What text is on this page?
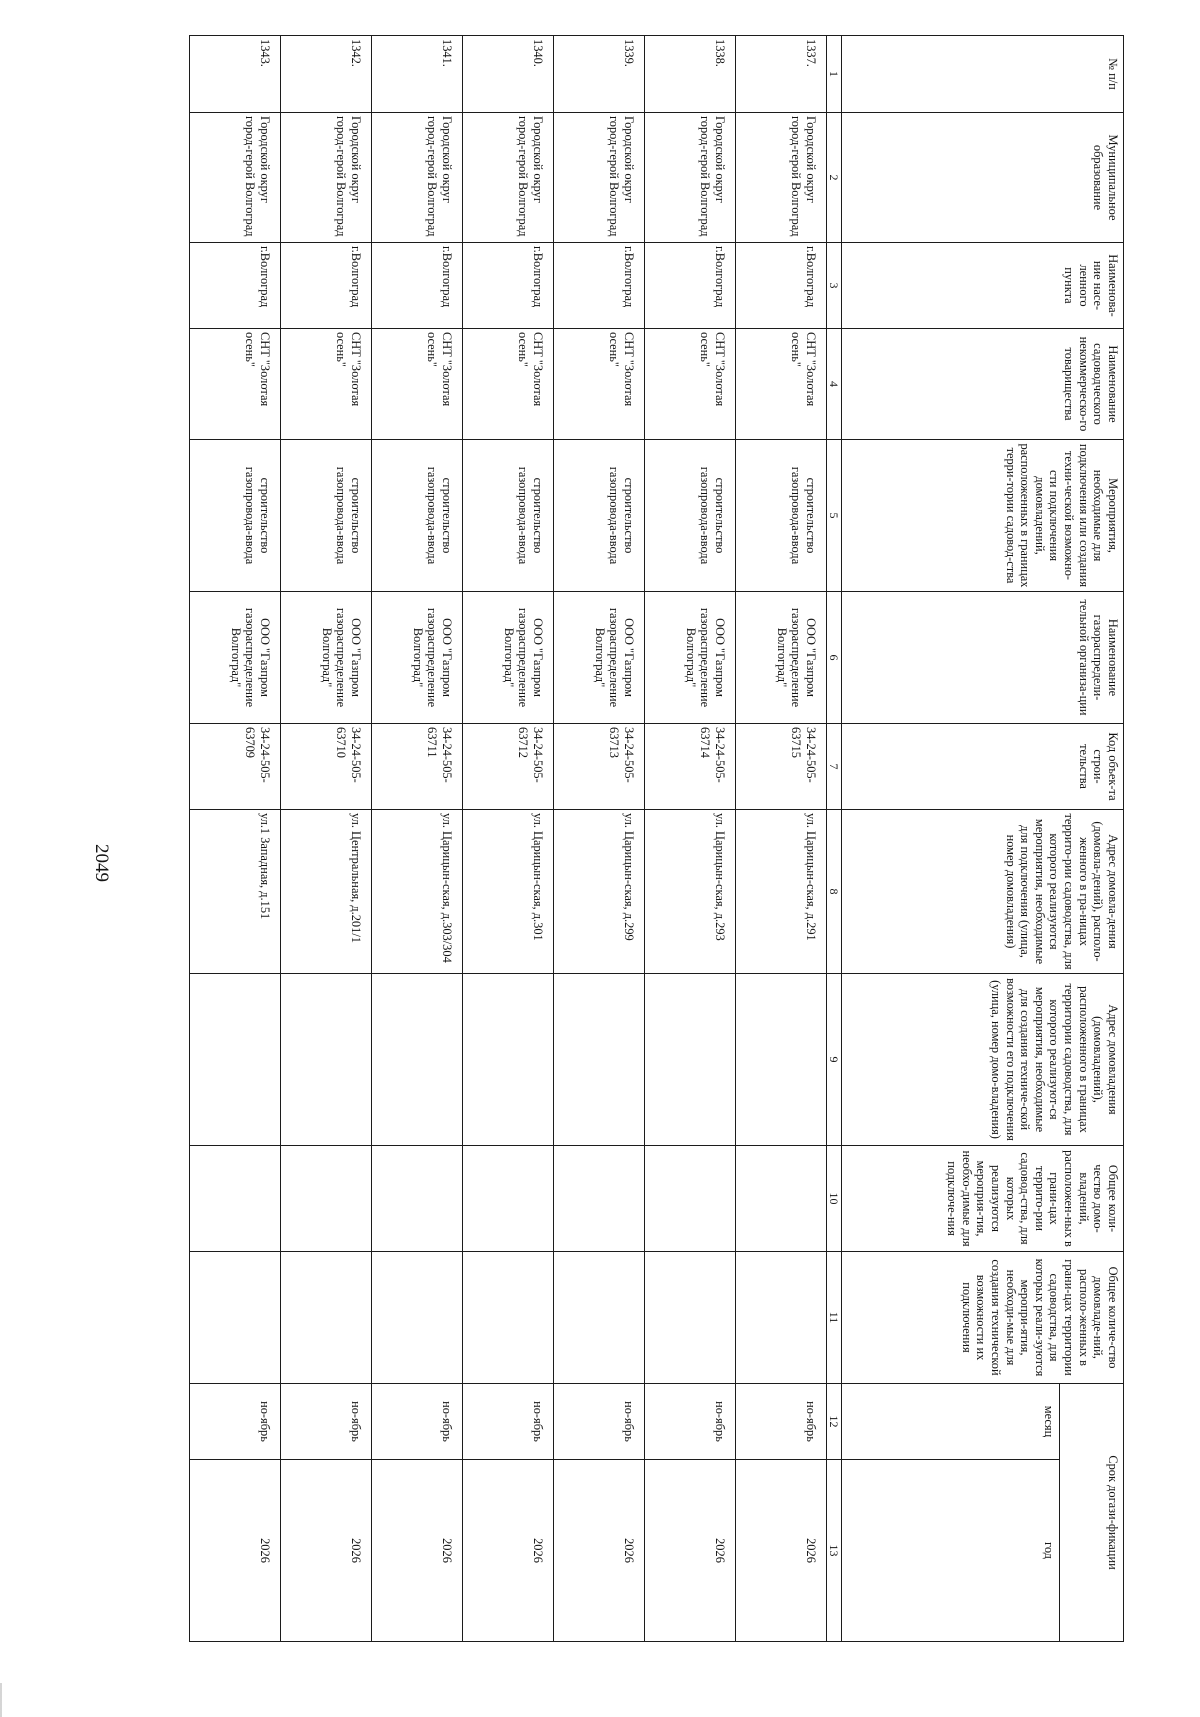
2049
№ п/п	Муниципальное образование	Наименова-ние насе-ленного пункта	Наименование садоводческого некоммерческо-го товарищества	Мероприятия, необходимые для подключения или создания техни-ческой возможно-сти подключения домовладений, расположенных в границах терри-тории садовод-ства	Наименование газораспредели-тельной организа-ции	Код объек-та строи-тельства	Адрес домовла-дения (домовла-дений), располо-женного в гра-ницах террито-рии садоводства, для которого реализуются мероприятия, необходимые для подключения (улица, номер домовладения)	Адрес домовладения (домовладений), расположенного в границах территории садоводства, для которого реализуют-ся мероприятия, необходимые для создания техниче-ской возможности его подключения (улица, номер домо-владения)	Общее коли-чество домо-владений, расположен-ных в грани-цах террито-рии садовод-ства, для которых реализуются мероприя-тия, необхо-димые для подключе-ния	Общее количе-ство домовладе-ний, располо-женных в грани-цах территории садоводства, для которых реали-зуются меропри-ятия, необходи-мые для создания технической возможности их подключения	Срок догази-фикации	
											месяц	год
1	2	3	4	5	6	7	8	9	10	11	12	13
1337.	Городской округ город-герой Волгоград	г.Волгоград	СНТ "Золотая осень"	строительство газопровода-ввода	ООО "Газпром газораспределение Волгоград"	34-24-505-63715	ул. Царицын-ская, д.291				но-ябрь	2026
1338.	Городской округ город-герой Волгоград	г.Волгоград	СНТ "Золотая осень"	строительство газопровода-ввода	ООО "Газпром газораспределение Волгоград"	34-24-505-63714	ул. Царицын-ская, д.293				но-ябрь	2026
1339.	Городской округ город-герой Волгоград	г.Волгоград	СНТ "Золотая осень"	строительство газопровода-ввода	ООО "Газпром газораспределение Волгоград"	34-24-505-63713	ул. Царицын-ская, д.299				но-ябрь	2026
1340.	Городской округ город-герой Волгоград	г.Волгоград	СНТ "Золотая осень"	строительство газопровода-ввода	ООО "Газпром газораспределение Волгоград"	34-24-505-63712	ул. Царицын-ская, д.301				но-ябрь	2026
1341.	Городской округ город-герой Волгоград	г.Волгоград	СНТ "Золотая осень"	строительство газопровода-ввода	ООО "Газпром газораспределение Волгоград"	34-24-505-63711	ул. Царицын-ская, д.303/304				но-ябрь	2026
1342.	Городской округ город-герой Волгоград	г.Волгоград	СНТ "Золотая осень"	строительство газопровода-ввода	ООО "Газпром газораспределение Волгоград"	34-24-505-63710	ул. Центральная, д.201/1				но-ябрь	2026
1343.	Городской округ город-герой Волгоград	г.Волгоград	СНТ "Золотая осень"	строительство газопровода-ввода	ООО "Газпром газораспределение Волгоград"	34-24-505-63709	ул.1 Западная, д.151				но-ябрь	2026
